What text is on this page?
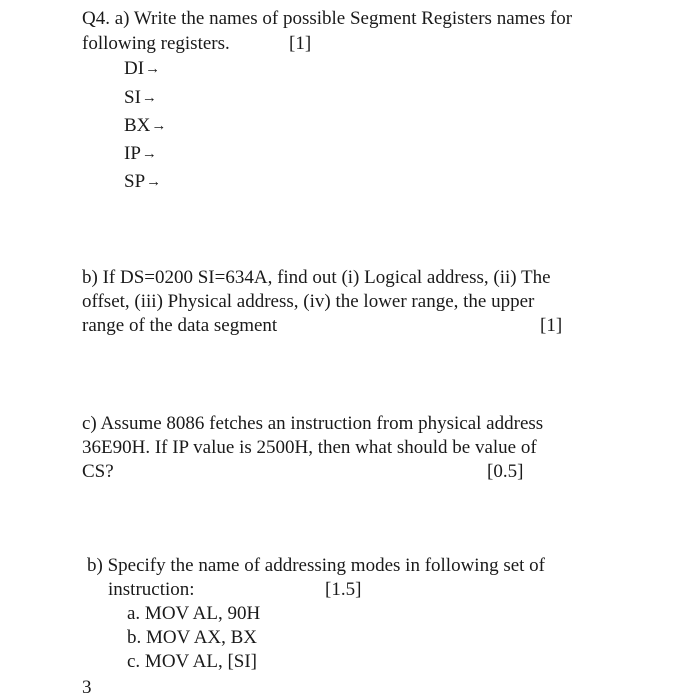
Q4. a) Write the names of possible Segment Registers names for
following registers.	[1]
DI→
SI→
BX→
IP→
SP→
b) If DS=0200 SI=634A, find out (i) Logical address, (ii) The
offset, (iii) Physical address, (iv) the lower range, the upper
range of the data segment	[1]
c) Assume 8086 fetches an instruction from physical address
36E90H. If IP value is 2500H, then what should be value of
CS?	[0.5]
b) Specify the name of addressing modes in following set of
instruction:	[1.5]
a. MOV AL, 90H
b. MOV AX, BX
c. MOV AL, [SI]
3
